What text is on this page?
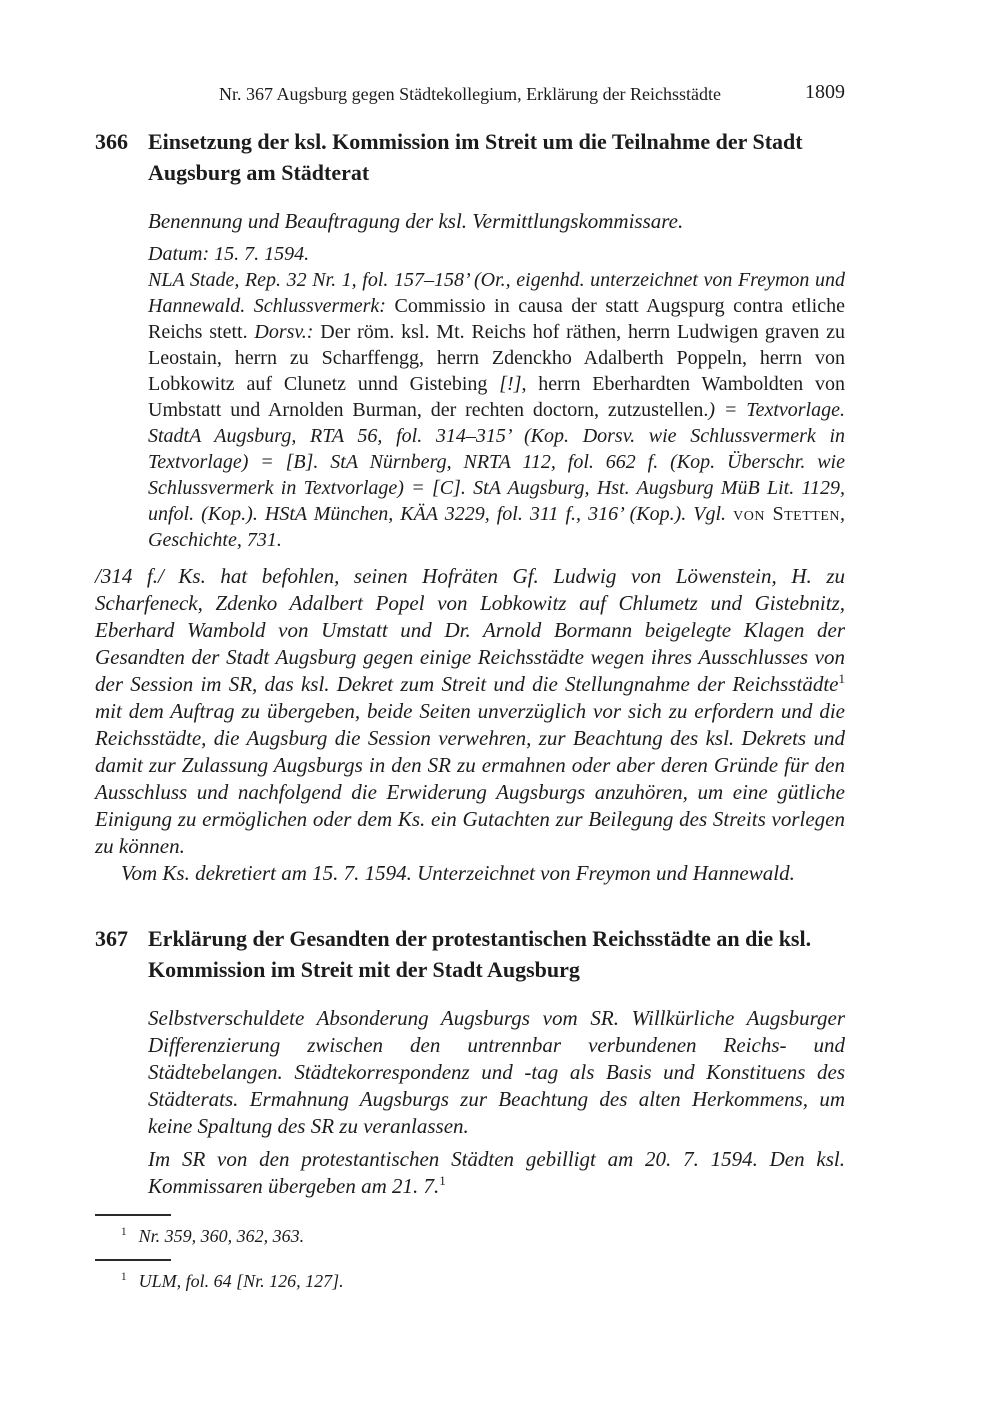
Nr. 367 Augsburg gegen Städtekollegium, Erklärung der Reichsstädte	1809
366 Einsetzung der ksl. Kommission im Streit um die Teilnahme der Stadt Augsburg am Städterat

Benennung und Beauftragung der ksl. Vermittlungskommissare.

Datum: 15. 7. 1594.

NLA Stade, Rep. 32 Nr. 1, fol. 157–158’ (Or., eigenhd. unterzeichnet von Freymon und Hannewald. Schlussvermerk: Commissio in causa der statt Augspurg contra etliche Reichs stett. Dorsv.: Der röm. ksl. Mt. Reichs hof räthen, herrn Ludwigen graven zu Leostain, herrn zu Scharffengg, herrn Zdenckho Adalberth Poppeln, herrn von Lobkowitz auf Clunetz unnd Gistebing [!], herrn Eberhardten Wamboldten von Umbstatt und Arnolden Burman, der rechten doctorn, zutzustellen.) = Textvorlage. StadtA Augsburg, RTA 56, fol. 314–315’ (Kop. Dorsv. wie Schlussvermerk in Textvorlage) = [B]. StA Nürnberg, NRTA 112, fol. 662 f. (Kop. Überschr. wie Schlussvermerk in Textvorlage) = [C]. StA Augsburg, Hst. Augsburg MüB Lit. 1129, unfol. (Kop.). HStA München, KÄA 3229, fol. 311 f., 316’ (Kop.). Vgl. von Stetten, Geschichte, 731.

/314 f./ Ks. hat befohlen, seinen Hofräten Gf. Ludwig von Löwenstein, H. zu Scharfeneck, Zdenko Adalbert Popel von Lobkowitz auf Chlumetz und Gistebnitz, Eberhard Wambold von Umstatt und Dr. Arnold Bormann beigelegte Klagen der Gesandten der Stadt Augsburg gegen einige Reichsstädte wegen ihres Ausschlusses von der Session im SR, das ksl. Dekret zum Streit und die Stellungnahme der Reichsstädte$^1$ mit dem Auftrag zu übergeben, beide Seiten unverzüglich vor sich zu erfordern und die Reichsstädte, die Augsburg die Session verwehren, zur Beachtung des ksl. Dekrets und damit zur Zulassung Augsburgs in den SR zu ermahnen oder aber deren Gründe für den Ausschluss und nachfolgend die Erwiderung Augsburgs anzuhören, um eine gütliche Einigung zu ermöglichen oder dem Ks. ein Gutachten zur Beilegung des Streits vorlegen zu können.

Vom Ks. dekretiert am 15. 7. 1594. Unterzeichnet von Freymon und Hannewald.

367 Erklärung der Gesandten der protestantischen Reichsstädte an die ksl. Kommission im Streit mit der Stadt Augsburg

Selbstverschuldete Absonderung Augsburgs vom SR. Willkürliche Augsburger Differenzierung zwischen den untrennbar verbundenen Reichs- und Städtebelangen. Städtekorrespondenz und -tag als Basis und Konstituens des Städterats. Ermahnung Augsburgs zur Beachtung des alten Herkommens, um keine Spaltung des SR zu veranlassen.

Im SR von den protestantischen Städten gebilligt am 20. 7. 1594. Den ksl. Kommissaren übergeben am 21. 7.$^1$

$^1$ Nr. 359, 360, 362, 363.

$^1$ ULM, fol. 64 [Nr. 126, 127].
